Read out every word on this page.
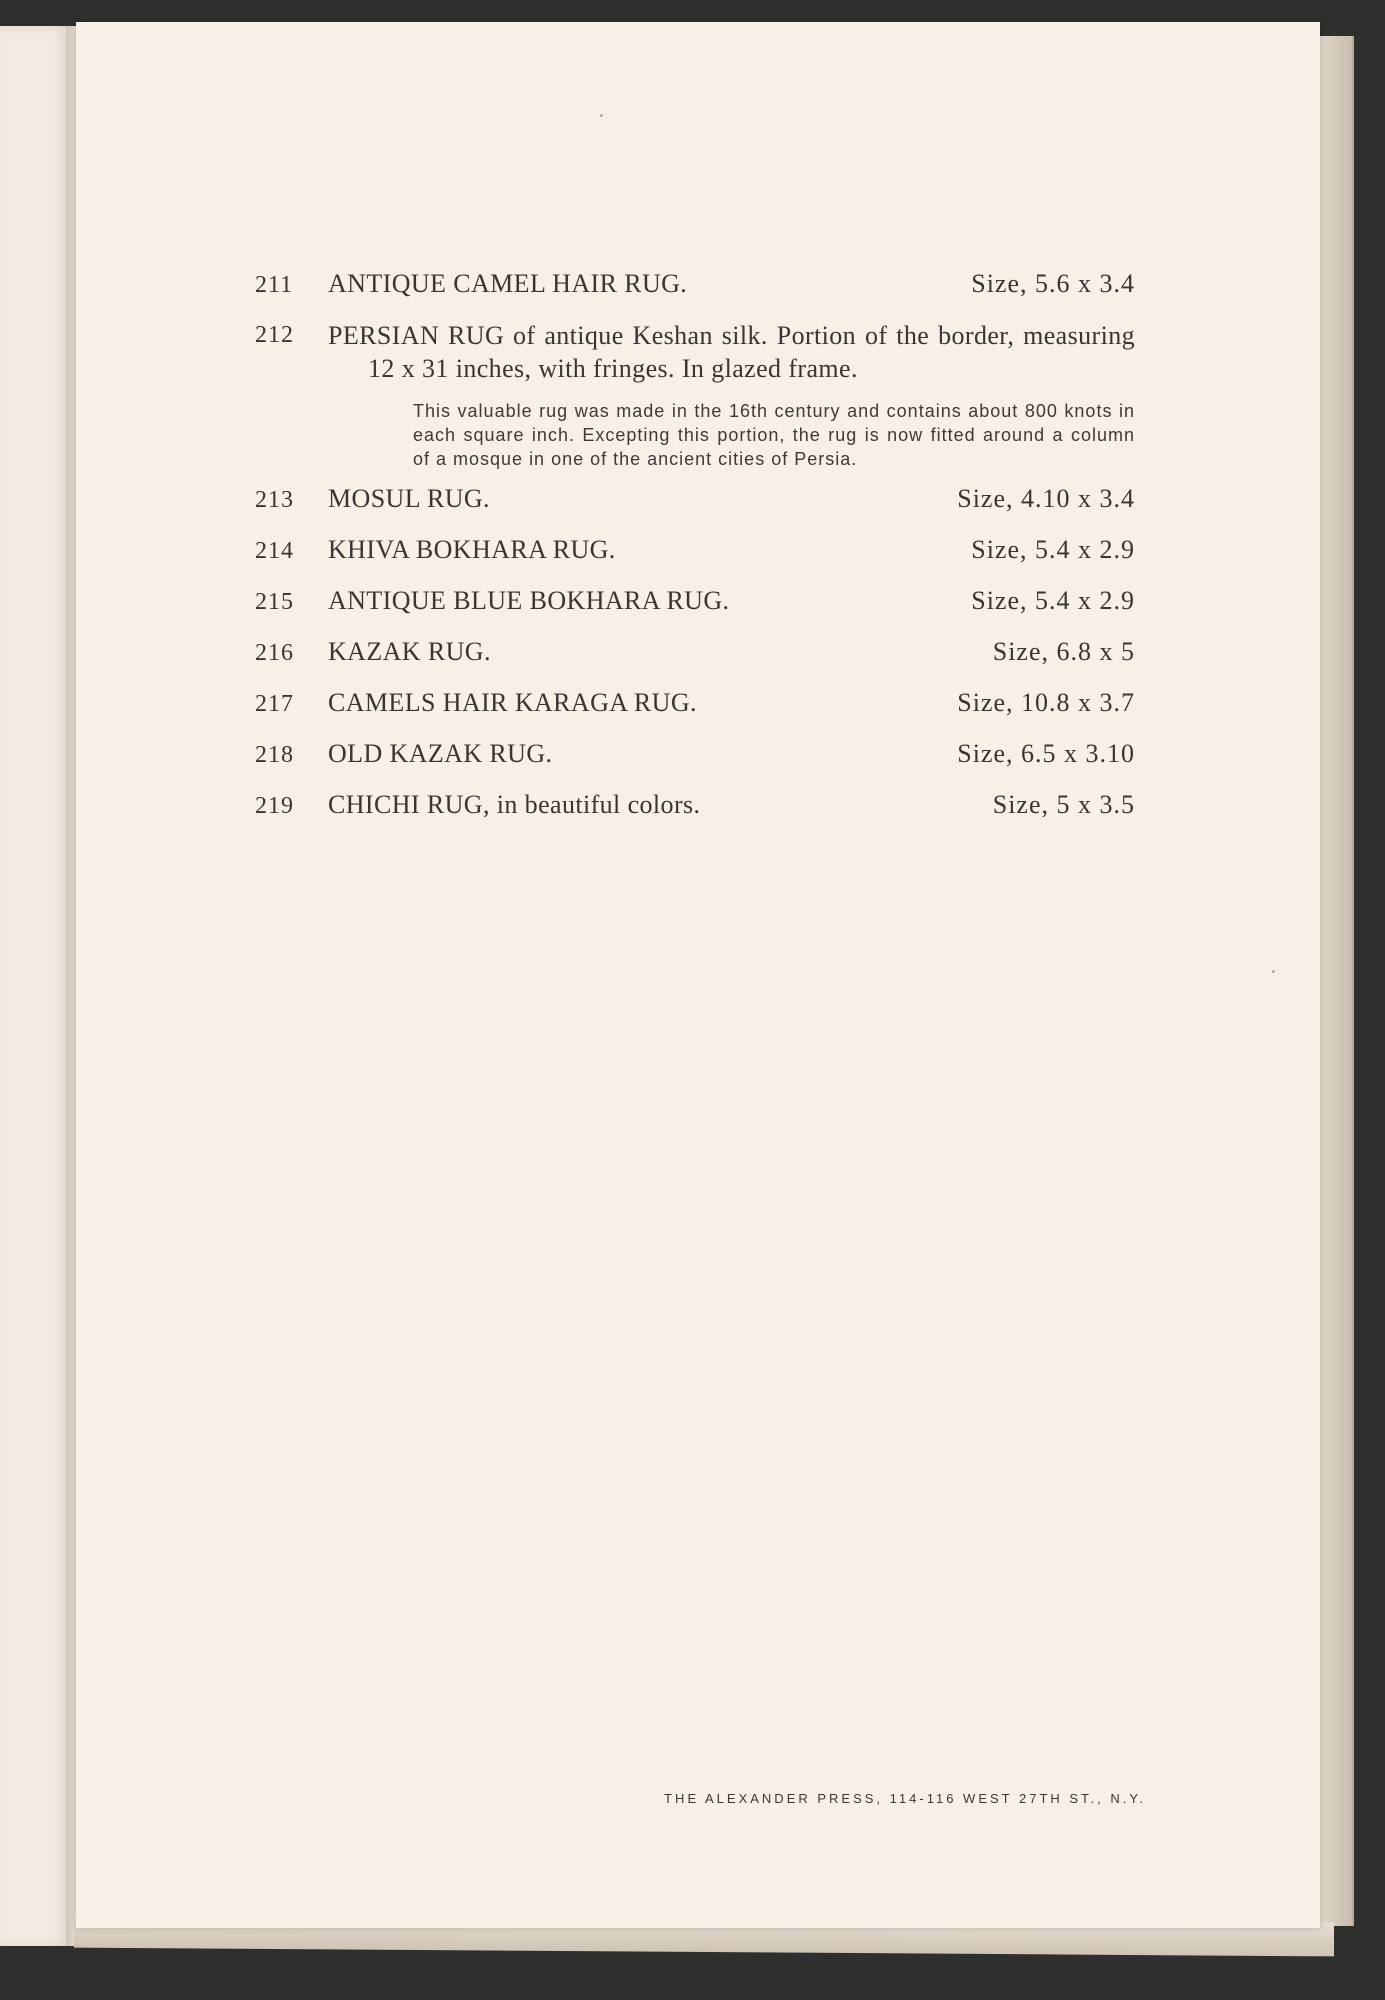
211	ANTIQUE CAMEL HAIR RUG.	Size, 5.6 x 3.4
212	PERSIAN RUG of antique Keshan silk. Portion of the border, measuring 12 x 31 inches, with fringes. In glazed frame.
This valuable rug was made in the 16th century and contains about 800 knots in each square inch. Excepting this portion, the rug is now fitted around a column of a mosque in one of the ancient cities of Persia.
213	MOSUL RUG.	Size, 4.10 x 3.4
214	KHIVA BOKHARA RUG.	Size, 5.4 x 2.9
215	ANTIQUE BLUE BOKHARA RUG.	Size, 5.4 x 2.9
216	KAZAK RUG.	Size, 6.8 x 5
217	CAMELS HAIR KARAGA RUG.	Size, 10.8 x 3.7
218	OLD KAZAK RUG.	Size, 6.5 x 3.10
219	CHICHI RUG, in beautiful colors.	Size, 5 x 3.5
THE ALEXANDER PRESS, 114-116 WEST 27TH ST., N.Y.
